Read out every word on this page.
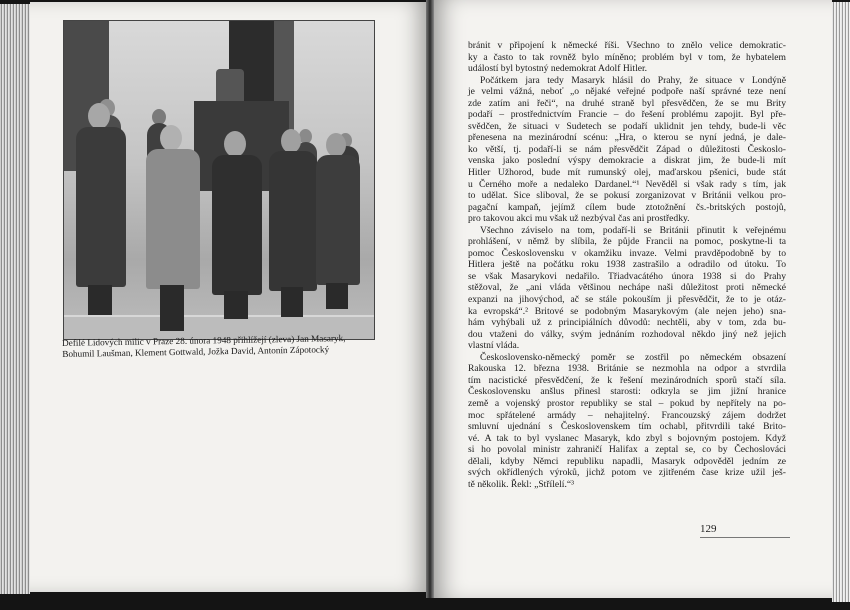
Defilé Lidových milic v Praze 28. února 1948 přihlížejí (zleva) Jan Masaryk,
Bohumil Laušman, Klement Gottwald, Jožka David, Antonín Zápotocký
bránit v připojení k německé říši. Všechno to znělo velice demokratic-
ky a často to tak rovněž bylo míněno; problém byl v tom, že hybatelem
událostí byl bytostný nedemokrat Adolf Hitler.
Počátkem jara tedy Masaryk hlásil do Prahy, že situace v Londýně
je velmi vážná, neboť „o nějaké veřejné podpoře naší správné teze není
zde zatím ani řeči“, na druhé straně byl přesvědčen, že se mu Brity
podaří – prostřednictvím Francie – do řešení problému zapojit. Byl pře-
svědčen, že situaci v Sudetech se podaří uklidnit jen tehdy, bude-li věc
přenesena na mezinárodní scénu: „Hra, o kterou se nyní jedná, je dale-
ko větší, tj. podaří-li se nám přesvědčit Západ o důležitosti Českoslo-
venska jako poslední výspy demokracie a diskrat jim, že bude-li mít
Hitler Užhorod, bude mít rumunský olej, maďarskou pšenici, bude stát
u Černého moře a nedaleko Dardanel.“¹ Nevěděl si však rady s tím, jak
to udělat. Sice sliboval, že se pokusí zorganizovat v Británii velkou pro-
pagační kampaň, jejímž cílem bude ztotožnění čs.-britských postojů,
pro takovou akci mu však už nezbýval čas ani prostředky.
Všechno záviselo na tom, podaří-li se Británii přinutit k veřejnému
prohlášení, v němž by slíbila, že půjde Francii na pomoc, poskytne-li ta
pomoc Československu v okamžiku invaze. Velmi pravděpodobně by to
Hitlera ještě na počátku roku 1938 zastrašilo a odradilo od útoku. To
se však Masarykovi nedařilo. Třiadvacátého února 1938 si do Prahy
stěžoval, že „ani vláda většinou nechápe naši důležitost proti německé
expanzi na jihovýchod, ač se stále pokouším ji přesvědčit, že to je otáz-
ka evropská“.² Britové se podobným Masarykovým (ale nejen jeho) sna-
hám vyhýbali už z principiálních důvodů: nechtěli, aby v tom, zda bu-
dou vtaženi do války, svým jednáním rozhodoval někdo jiný než jejich
vlastní vláda.
Československo-německý poměr se zostřil po německém obsazení
Rakouska 12. března 1938. Británie se nezmohla na odpor a stvrdila
tím nacistické přesvědčení, že k řešení mezinárodních sporů stačí síla.
Československu anšlus přinesl starosti: odkryla se jim jižní hranice
země a vojenský prostor republiky se stal – pokud by nepřítely na po-
moc spřátelené armády – nehajitelný. Francouzský zájem dodržet
smluvní ujednání s Československem tím ochabl, přitvrdili také Brito-
vé. A tak to byl vyslanec Masaryk, kdo zbyl s bojovným postojem. Když
si ho povolal ministr zahraničí Halifax a zeptal se, co by Čechoslováci
dělali, kdyby Němci republiku napadli, Masaryk odpověděl jedním ze
svých okřídlených výroků, jichž potom ve zjitřeném čase krize užil ješ-
tě několik. Řekl: „Střílelí.“³
129
